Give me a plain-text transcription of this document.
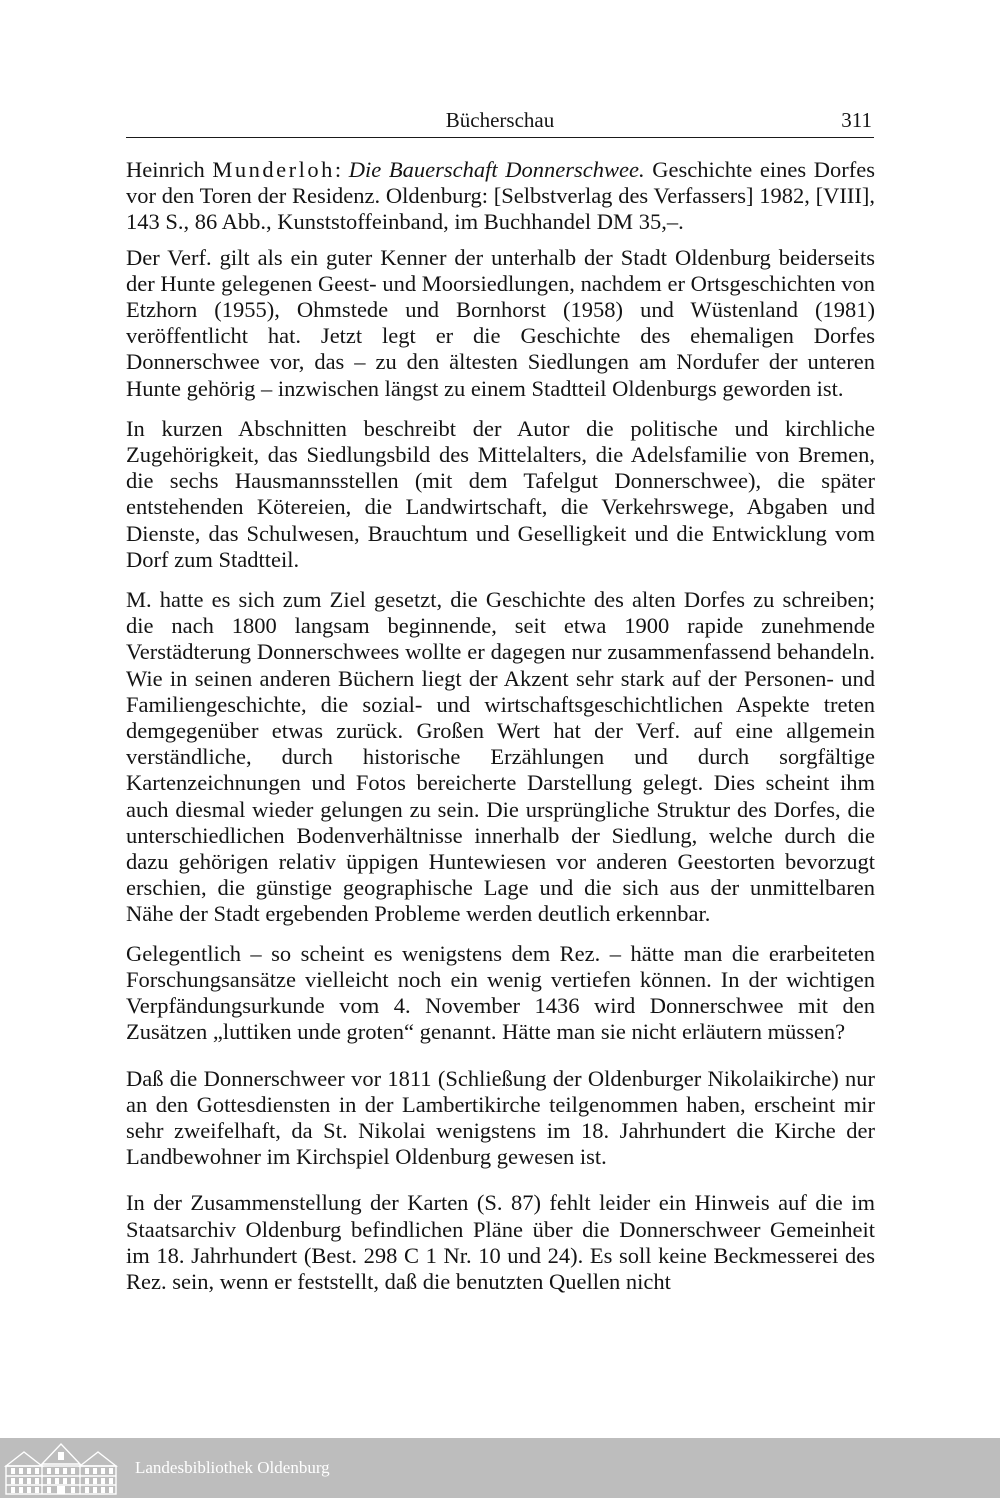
Bücherschau	311

Heinrich Munderloh: Die Bauerschaft Donnerschwee. Geschichte eines Dorfes vor den Toren der Residenz. Oldenburg: [Selbstverlag des Verfassers] 1982, [VIII], 143 S., 86 Abb., Kunststoffeinband, im Buchhandel DM 35,–.

Der Verf. gilt als ein guter Kenner der unterhalb der Stadt Oldenburg beiderseits der Hunte gelegenen Geest- und Moorsiedlungen, nachdem er Ortsgeschichten von Etzhorn (1955), Ohmstede und Bornhorst (1958) und Wüstenland (1981) veröffentlicht hat. Jetzt legt er die Geschichte des ehemaligen Dorfes Donnerschwee vor, das – zu den ältesten Siedlungen am Nordufer der unteren Hunte gehörig – inzwischen längst zu einem Stadtteil Oldenburgs geworden ist.

In kurzen Abschnitten beschreibt der Autor die politische und kirchliche Zugehörigkeit, das Siedlungsbild des Mittelalters, die Adelsfamilie von Bremen, die sechs Hausmannsstellen (mit dem Tafelgut Donnerschwee), die später entstehenden Kötereien, die Landwirtschaft, die Verkehrswege, Abgaben und Dienste, das Schulwesen, Brauchtum und Geselligkeit und die Entwicklung vom Dorf zum Stadtteil.

M. hatte es sich zum Ziel gesetzt, die Geschichte des alten Dorfes zu schreiben; die nach 1800 langsam beginnende, seit etwa 1900 rapide zunehmende Verstädterung Donnerschwees wollte er dagegen nur zusammenfassend behandeln. Wie in seinen anderen Büchern liegt der Akzent sehr stark auf der Personen- und Familiengeschichte, die sozial- und wirtschaftsgeschichtlichen Aspekte treten demgegenüber etwas zurück. Großen Wert hat der Verf. auf eine allgemein verständliche, durch historische Erzählungen und durch sorgfältige Kartenzeichnungen und Fotos bereicherte Darstellung gelegt. Dies scheint ihm auch diesmal wieder gelungen zu sein. Die ursprüngliche Struktur des Dorfes, die unterschiedlichen Bodenverhältnisse innerhalb der Siedlung, welche durch die dazu gehörigen relativ üppigen Huntewiesen vor anderen Geestorten bevorzugt erschien, die günstige geographische Lage und die sich aus der unmittelbaren Nähe der Stadt ergebenden Probleme werden deutlich erkennbar.

Gelegentlich – so scheint es wenigstens dem Rez. – hätte man die erarbeiteten Forschungsansätze vielleicht noch ein wenig vertiefen können. In der wichtigen Verpfändungsurkunde vom 4. November 1436 wird Donnerschwee mit den Zusätzen „luttiken unde groten“ genannt. Hätte man sie nicht erläutern müssen?

Daß die Donnerschweer vor 1811 (Schließung der Oldenburger Nikolaikirche) nur an den Gottesdiensten in der Lambertikirche teilgenommen haben, erscheint mir sehr zweifelhaft, da St. Nikolai wenigstens im 18. Jahrhundert die Kirche der Landbewohner im Kirchspiel Oldenburg gewesen ist.

In der Zusammenstellung der Karten (S. 87) fehlt leider ein Hinweis auf die im Staatsarchiv Oldenburg befindlichen Pläne über die Donnerschweer Gemeinheit im 18. Jahrhundert (Best. 298 C 1 Nr. 10 und 24). Es soll keine Beckmesserei des Rez. sein, wenn er feststellt, daß die benutzten Quellen nicht

Landesbibliothek Oldenburg
